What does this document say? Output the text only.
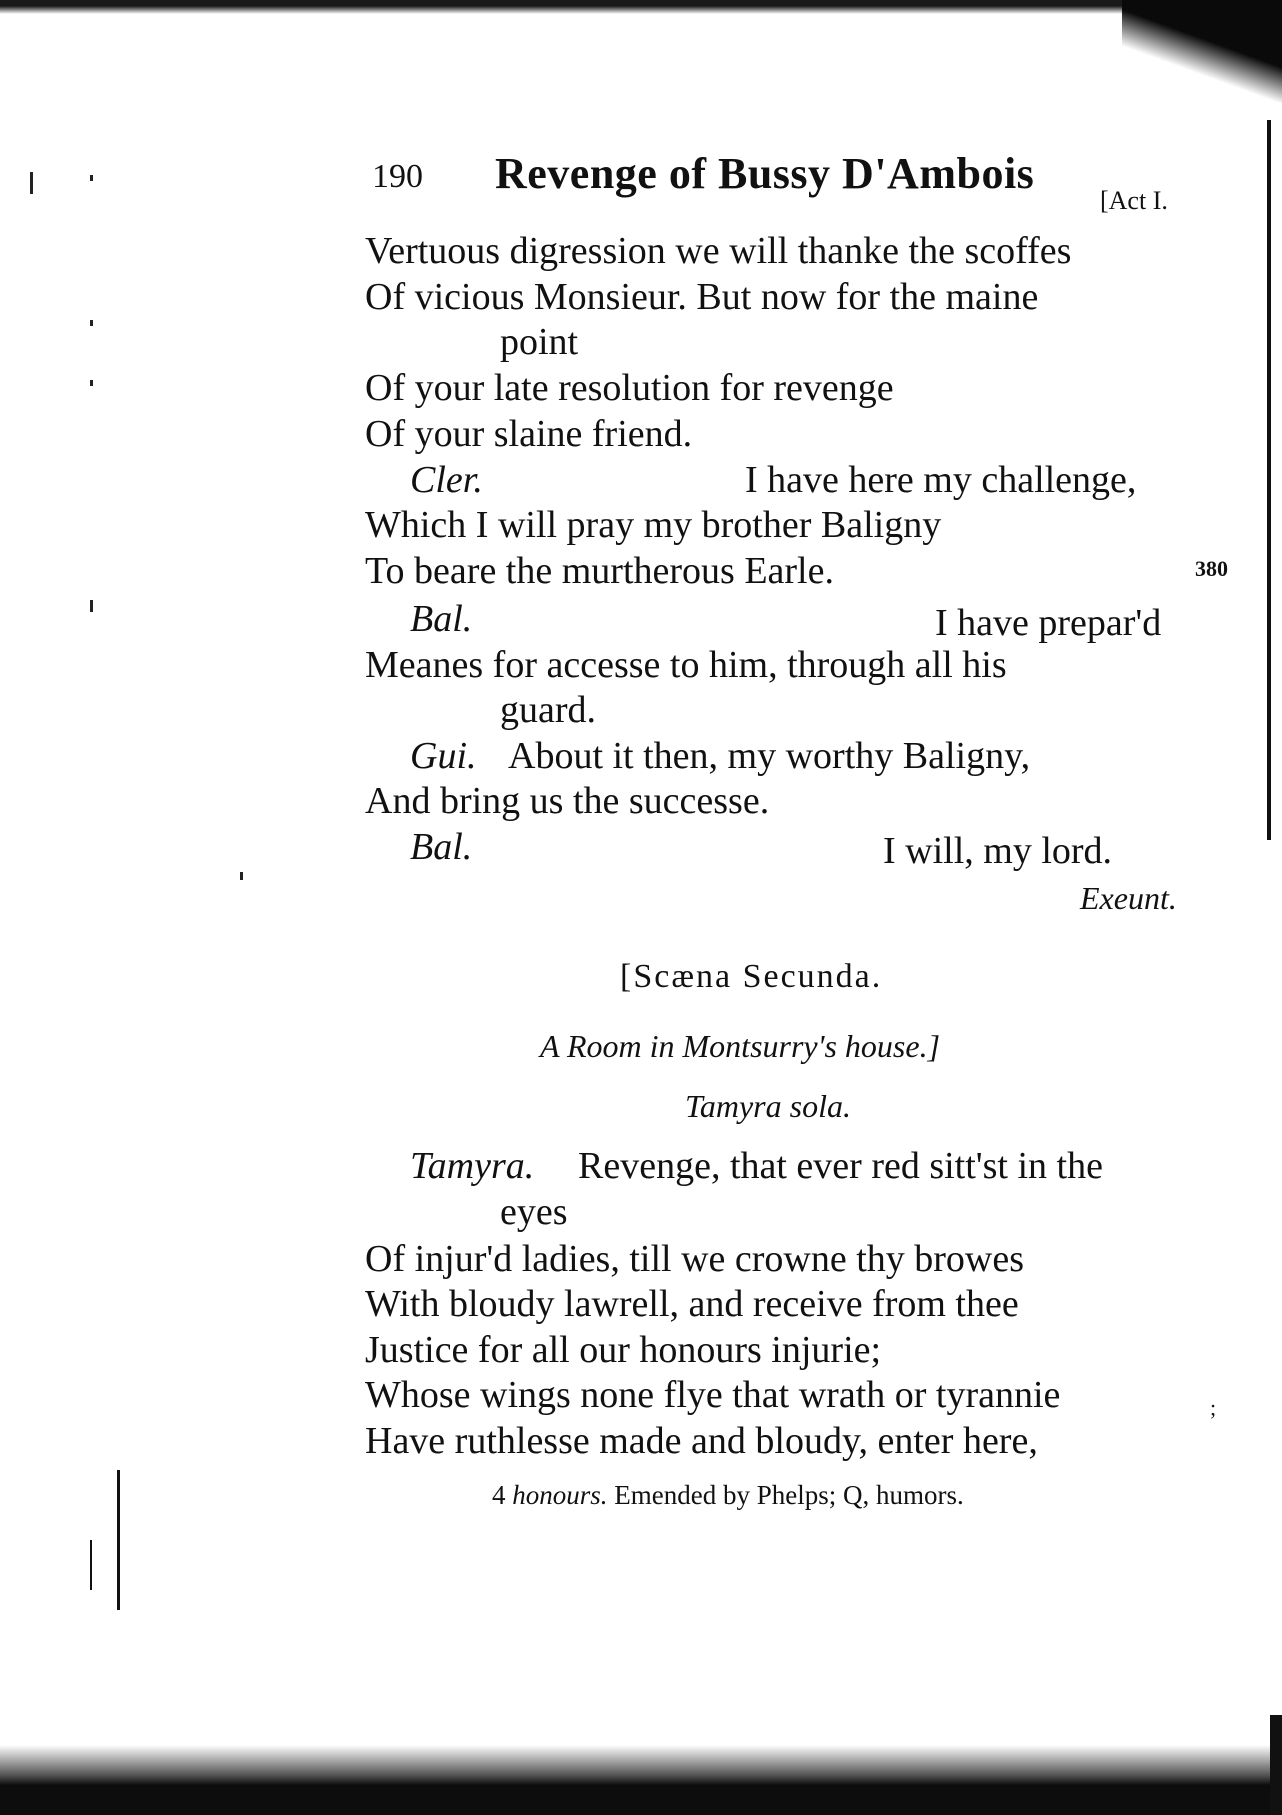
190 Revenge of Bussy D'Ambois
[Act I.
380
Vertuous digression we will thanke the scoffes
Of vicious Monsieur. But now for the maine
point
Of your late resolution for revenge
Of your slaine friend.
Cler.	I have here my challenge,
Which I will pray my brother Baligny
To beare the murtherous Earle.
Bal.	I have prepar'd
Meanes for accesse to him, through all his
guard.
Gui. About it then, my worthy Baligny,
And bring us the successe.
Bal.	I will, my lord.
Exeunt.
[Scæna Secunda.
A Room in Montsurry's house.]
Tamyra sola.
Tamyra. Revenge, that ever red sitt'st in the
eyes
Of injur'd ladies, till we crowne thy browes
With bloudy lawrell, and receive from thee
Justice for all our honours injurie;
Whose wings none flye that wrath or tyrannie
Have ruthlesse made and bloudy, enter here,
;
4 honours. Emended by Phelps; Q, humors.
